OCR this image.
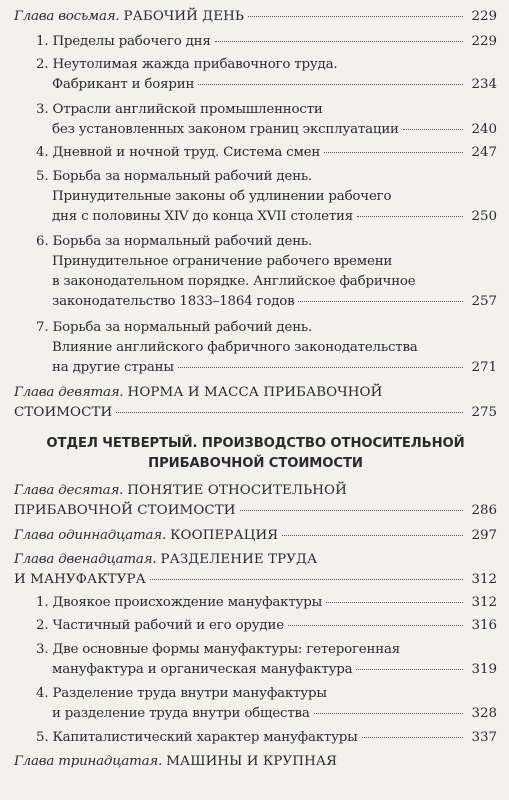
Глава восьмая. РАБОЧИЙ ДЕНЬ	229
1. Пределы рабочего дня	229
2. Неутолимая жажда прибавочного труда.
Фабрикант и боярин	234
3. Отрасли английской промышленности
без установленных законом границ эксплуатации	240
4. Дневной и ночной труд. Система смен	247
5. Борьба за нормальный рабочий день.
Принудительные законы об удлинении рабочего
дня с половины XIV до конца XVII столетия	250
6. Борьба за нормальный рабочий день.
Принудительное ограничение рабочего времени
в законодательном порядке. Английское фабричное
законодательство 1833–1864 годов	257
7. Борьба за нормальный рабочий день.
Влияние английского фабричного законодательства
на другие страны	271
Глава девятая. НОРМА И МАССА ПРИБАВОЧНОЙ
СТОИМОСТИ	275
ОТДЕЛ ЧЕТВЕРТЫЙ. ПРОИЗВОДСТВО ОТНОСИТЕЛЬНОЙ
ПРИБАВОЧНОЙ СТОИМОСТИ
Глава десятая. ПОНЯТИЕ ОТНОСИТЕЛЬНОЙ
ПРИБАВОЧНОЙ СТОИМОСТИ	286
Глава одиннадцатая. КООПЕРАЦИЯ	297
Глава двенадцатая. РАЗДЕЛЕНИЕ ТРУДА
И МАНУФАКТУРА	312
1. Двоякое происхождение мануфактуры	312
2. Частичный рабочий и его орудие	316
3. Две основные формы мануфактуры: гетерогенная
мануфактура и органическая мануфактура	319
4. Разделение труда внутри мануфактуры
и разделение труда внутри общества	328
5. Капиталистический характер мануфактуры	337
Глава тринадцатая. МАШИНЫ И КРУПНАЯ
